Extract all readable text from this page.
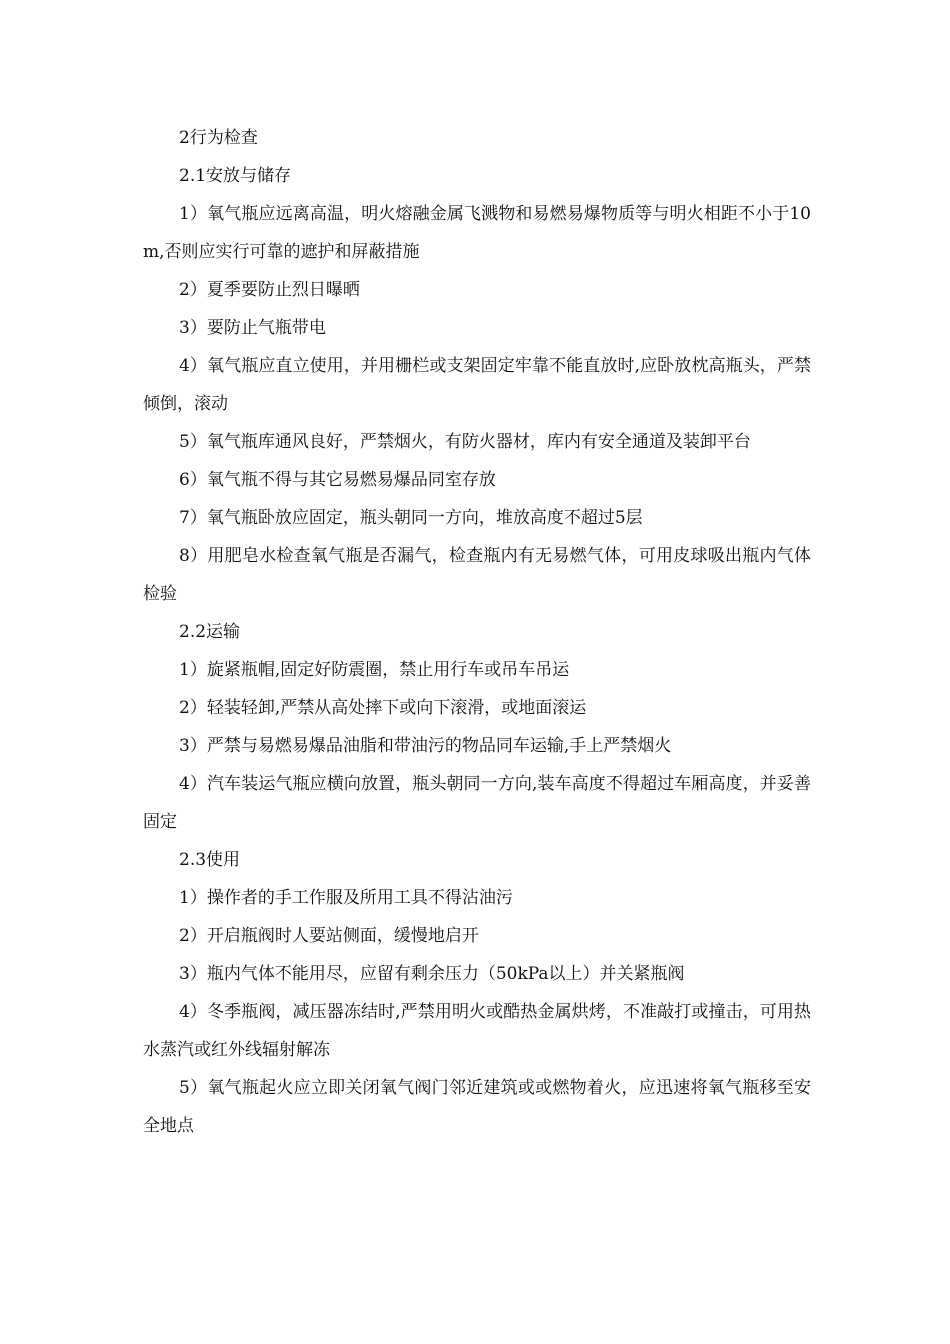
2行为检查

2.1安放与储存

1）氧气瓶应远离高温，明火熔融金属飞溅物和易燃易爆物质等与明火相距不小于10m,否则应实行可靠的遮护和屏蔽措施

2）夏季要防止烈日曝晒

3）要防止气瓶带电

4）氧气瓶应直立使用，并用栅栏或支架固定牢靠不能直放时,应卧放枕高瓶头，严禁倾倒，滚动

5）氧气瓶库通风良好，严禁烟火，有防火器材，库内有安全通道及装卸平台

6）氧气瓶不得与其它易燃易爆品同室存放

7）氧气瓶卧放应固定，瓶头朝同一方向，堆放高度不超过5层

8）用肥皂水检查氧气瓶是否漏气，检查瓶内有无易燃气体，可用皮球吸出瓶内气体检验

2.2运输

1）旋紧瓶帽,固定好防震圈，禁止用行车或吊车吊运

2）轻装轻卸,严禁从高处摔下或向下滚滑，或地面滚运

3）严禁与易燃易爆品油脂和带油污的物品同车运输,手上严禁烟火

4）汽车装运气瓶应横向放置，瓶头朝同一方向,装车高度不得超过车厢高度，并妥善固定

2.3使用

1）操作者的手工作服及所用工具不得沾油污

2）开启瓶阀时人要站侧面，缓慢地启开

3）瓶内气体不能用尽，应留有剩余压力（50kPa以上）并关紧瓶阀

4）冬季瓶阀，减压器冻结时,严禁用明火或酷热金属烘烤，不准敲打或撞击，可用热水蒸汽或红外线辐射解冻

5）氧气瓶起火应立即关闭氧气阀门邻近建筑或或燃物着火，应迅速将氧气瓶移至安全地点
